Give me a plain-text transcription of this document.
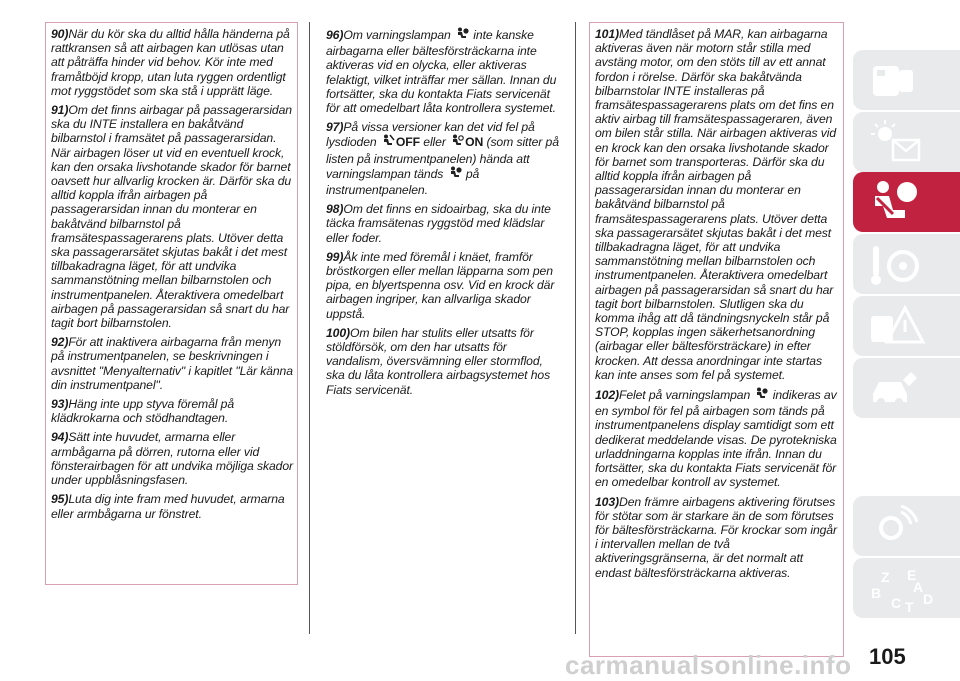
90)När du kör ska du alltid hålla händerna på rattkransen så att airbagen kan utlösas utan att påträffa hinder vid behov. Kör inte med framåtböjd kropp, utan luta ryggen ordentligt mot ryggstödet som ska stå i upprätt läge.

91)Om det finns airbagar på passagerarsidan ska du INTE installera en bakåtvänd bilbarnstol i framsätet på passagerarsidan. När airbagen löser ut vid en eventuell krock, kan den orsaka livshotande skador för barnet oavsett hur allvarlig krocken är. Därför ska du alltid koppla ifrån airbagen på passagerarsidan innan du monterar en bakåtvänd bilbarnstol på framsätespassagerarens plats. Utöver detta ska passagerarsätet skjutas bakåt i det mest tillbakadragna läget, för att undvika sammanstötning mellan bilbarnstolen och instrumentpanelen. Återaktivera omedelbart airbagen på passagerarsidan så snart du har tagit bort bilbarnstolen.

92)För att inaktivera airbagarna från menyn på instrumentpanelen, se beskrivningen i avsnittet "Menyalternativ" i kapitlet "Lär känna din instrumentpanel".

93)Häng inte upp styva föremål på klädkrokarna och stödhandtagen.

94)Sätt inte huvudet, armarna eller armbågarna på dörren, rutorna eller vid fönsterairbagen för att undvika möjliga skador under uppblåsningsfasen.

95)Luta dig inte fram med huvudet, armarna eller armbågarna ur fönstret.

96)Om varningslampan inte kanske airbagarna eller bältesförsträckarna inte aktiveras vid en olycka, eller aktiveras felaktigt, vilket inträffar mer sällan. Innan du fortsätter, ska du kontakta Fiats servicenät för att omedelbart låta kontrollera systemet.

97)På vissa versioner kan det vid fel på lysdioden OFF eller ON (som sitter på listen på instrumentpanelen) hända att varningslampan tänds på instrumentpanelen.

98)Om det finns en sidoairbag, ska du inte täcka framsätenas ryggstöd med klädslar eller foder.

99)Åk inte med föremål i knäet, framför bröstkorgen eller mellan läpparna som pen pipa, en blyertspenna osv. Vid en krock där airbagen ingriper, kan allvarliga skador uppstå.

100)Om bilen har stulits eller utsatts för stöldförsök, om den har utsatts för vandalism, översvämning eller stormflod, ska du låta kontrollera airbagsystemet hos Fiats servicenät.

101)Med tändlåset på MAR, kan airbagarna aktiveras även när motorn står stilla med avstäng motor, om den stöts till av ett annat fordon i rörelse. Därför ska bakåtvända bilbarnstolar INTE installeras på framsätespassagerarens plats om det fins en aktiv airbag till framsätespassageraren, även om bilen står stilla. När airbagen aktiveras vid en krock kan den orsaka livshotande skador för barnet som transporteras. Därför ska du alltid koppla ifrån airbagen på passagerarsidan innan du monterar en bakåtvänd bilbarnstol på framsätespassagerarens plats. Utöver detta ska passagerarsätet skjutas bakåt i det mest tillbakadragna läget, för att undvika sammanstötning mellan bilbarnstolen och instrumentpanelen. Återaktivera omedelbart airbagen på passagerarsidan så snart du har tagit bort bilbarnstolen. Slutligen ska du komma ihåg att då tändningsnyckeln står på STOP, kopplas ingen säkerhetsanordning (airbagar eller bältesförsträckare) in efter krocken. Att dessa anordningar inte startas kan inte anses som fel på systemet.

102)Felet på varningslampan indikeras av en symbol för fel på airbagen som tänds på instrumentpanelens display samtidigt som ett dedikerat meddelande visas. De pyrotekniska urladdningarna kopplas inte ifrån. Innan du fortsätter, ska du kontakta Fiats servicenät för en omedelbar kontroll av systemet.

103)Den främre airbagens aktivering förutses för stötar som är starkare än de som förutses för bältesförsträckarna. För krockar som ingår i intervallen mellan de två aktiveringsgränserna, är det normalt att endast bältesförsträckarna aktiveras.	Z E
B
C T D
A
105
carmanualsonline.info
